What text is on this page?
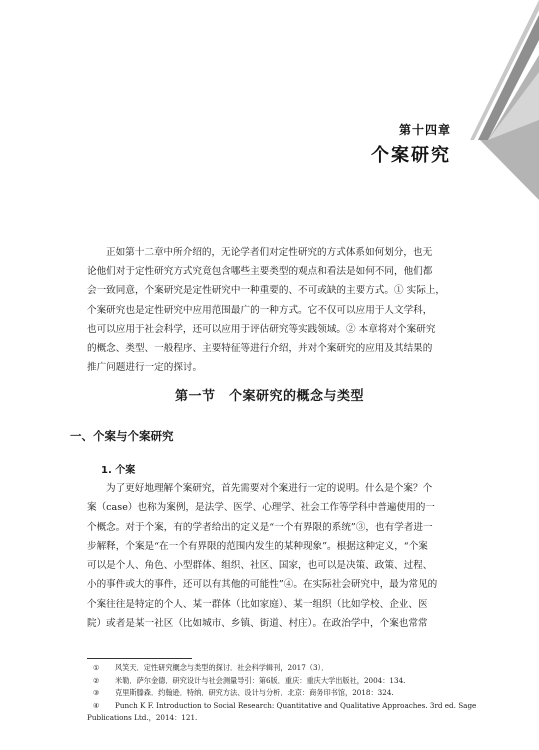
第十四章
个案研究
正如第十二章中所介绍的，无论学者们对定性研究的方式体系如何划分，也无
论他们对于定性研究方式究竟包含哪些主要类型的观点和看法是如何不同，他们都
会一致同意，个案研究是定性研究中一种重要的、不可或缺的主要方式。① 实际上，
个案研究也是定性研究中应用范围最广的一种方式。它不仅可以应用于人文学科，
也可以应用于社会科学，还可以应用于评估研究等实践领域。② 本章将对个案研究
的概念、类型、一般程序、主要特征等进行介绍，并对个案研究的应用及其结果的
推广问题进行一定的探讨。
第一节　个案研究的概念与类型
一、个案与个案研究
1. 个案
为了更好地理解个案研究，首先需要对个案进行一定的说明。什么是个案？个
案（case）也称为案例，是法学、医学、心理学、社会工作等学科中普遍使用的一
个概念。对于个案，有的学者给出的定义是“一个有界限的系统”③，也有学者进一
步解释，个案是“在一个有界限的范围内发生的某种现象”。根据这种定义，“个案
可以是个人、角色、小型群体、组织、社区、国家，也可以是决策、政策、过程、
小的事件或大的事件，还可以有其他的可能性”④。在实际社会研究中，最为常见的
个案往往是特定的个人、某一群体（比如家庭）、某一组织（比如学校、企业、医
院）或者是某一社区（比如城市、乡镇、街道、村庄）。在政治学中，个案也常常
①	风笑天．定性研究概念与类型的探讨．社会科学辑刊，2017（3）．
②	米勒．萨尔金德．研究设计与社会测量导引：第6版．重庆：重庆大学出版社，2004：134.
③	克里斯滕森．约翰逊．特纳．研究方法、设计与分析．北京：商务印书馆，2018：324.
④	Punch K F. Introduction to Social Research: Quantitative and Qualitative Approaches. 3rd ed. Sage
Publications Ltd.，2014：121.
